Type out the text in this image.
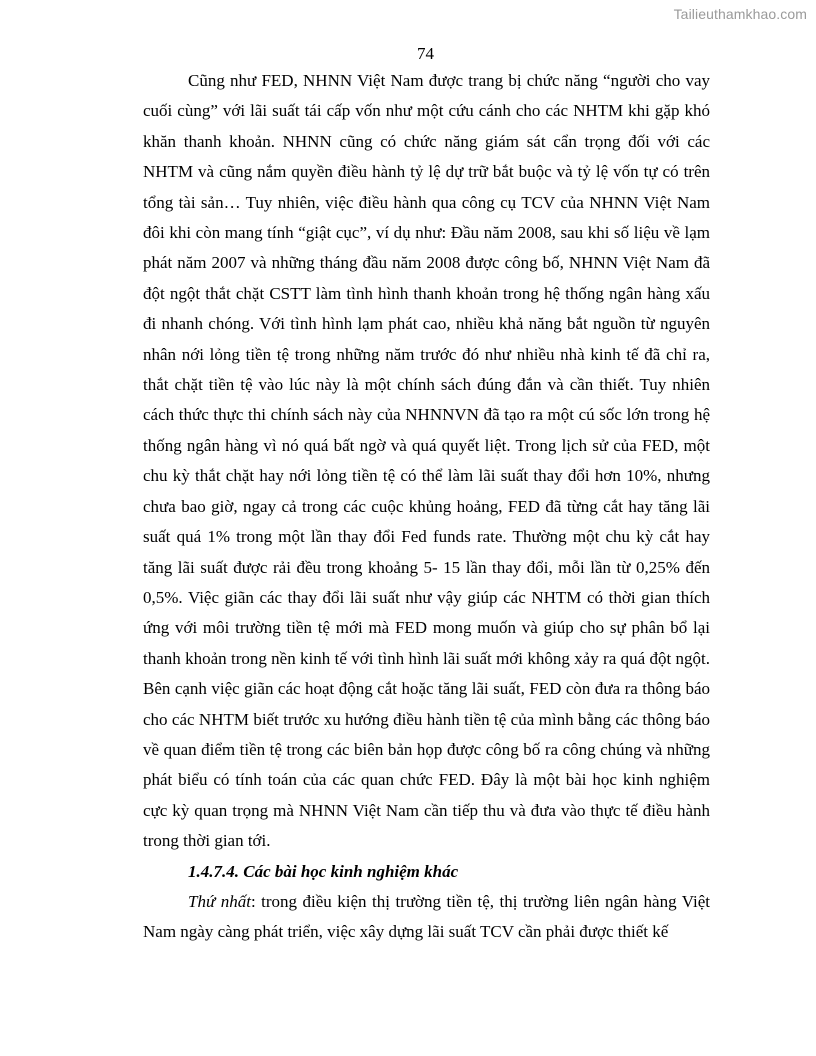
Tailieuthamkhao.com
74

Cũng như FED, NHNN Việt Nam được trang bị chức năng “người cho vay cuối cùng” với lãi suất tái cấp vốn như một cứu cánh cho các NHTM khi gặp khó khăn thanh khoản. NHNN cũng có chức năng giám sát cẩn trọng đối với các NHTM và cũng nắm quyền điều hành tỷ lệ dự trữ bắt buộc và tỷ lệ vốn tự có trên tổng tài sản… Tuy nhiên, việc điều hành qua công cụ TCV của NHNN Việt Nam đôi khi còn mang tính “giật cục”, ví dụ như: Đầu năm 2008, sau khi số liệu về lạm phát năm 2007 và những tháng đầu năm 2008 được công bố, NHNN Việt Nam đã đột ngột thắt chặt CSTT làm tình hình thanh khoản trong hệ thống ngân hàng xấu đi nhanh chóng. Với tình hình lạm phát cao, nhiều khả năng bắt nguồn từ nguyên nhân nới lỏng tiền tệ trong những năm trước đó như nhiều nhà kinh tế đã chỉ ra, thắt chặt tiền tệ vào lúc này là một chính sách đúng đắn và cần thiết. Tuy nhiên cách thức thực thi chính sách này của NHNNVN đã tạo ra một cú sốc lớn trong hệ thống ngân hàng vì nó quá bất ngờ và quá quyết liệt. Trong lịch sử của FED, một chu kỳ thắt chặt hay nới lỏng tiền tệ có thể làm lãi suất thay đổi hơn 10%, nhưng chưa bao giờ, ngay cả trong các cuộc khủng hoảng, FED đã từng cắt hay tăng lãi suất quá 1% trong một lần thay đổi Fed funds rate. Thường một chu kỳ cắt hay tăng lãi suất được rải đều trong khoảng 5- 15 lần thay đổi, mỗi lần từ 0,25% đến 0,5%. Việc giãn các thay đổi lãi suất như vậy giúp các NHTM có thời gian thích ứng với môi trường tiền tệ mới mà FED mong muốn và giúp cho sự phân bổ lại thanh khoản trong nền kinh tế với tình hình lãi suất mới không xảy ra quá đột ngột. Bên cạnh việc giãn các hoạt động cắt hoặc tăng lãi suất, FED còn đưa ra thông báo cho các NHTM biết trước xu hướng điều hành tiền tệ của mình bằng các thông báo về quan điểm tiền tệ trong các biên bản họp được công bố ra công chúng và những phát biểu có tính toán của các quan chức FED. Đây là một bài học kinh nghiệm cực kỳ quan trọng mà NHNN Việt Nam cần tiếp thu và đưa vào thực tế điều hành trong thời gian tới.

1.4.7.4. Các bài học kinh nghiệm khác

Thứ nhất: trong điều kiện thị trường tiền tệ, thị trường liên ngân hàng Việt Nam ngày càng phát triển, việc xây dựng lãi suất TCV cần phải được thiết kế
